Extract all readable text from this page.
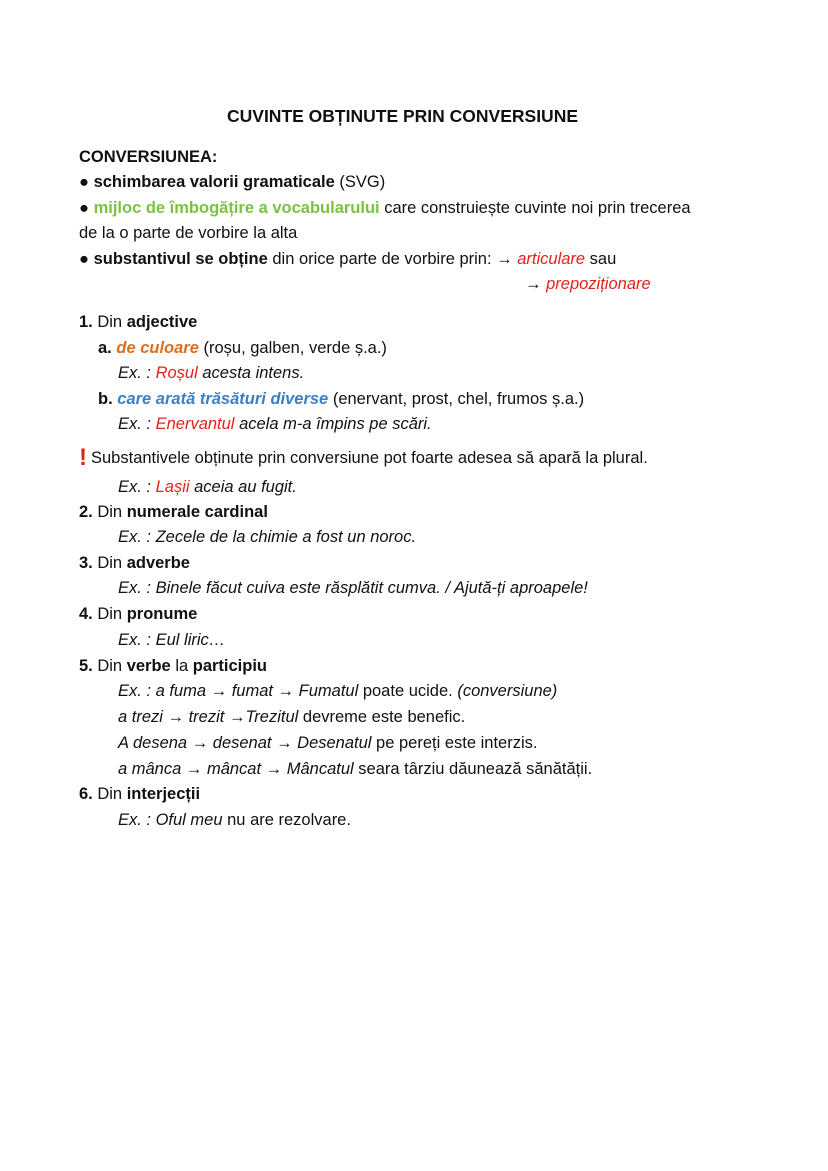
CUVINTE OBȚINUTE PRIN CONVERSIUNE
CONVERSIUNEA:
● schimbarea valorii gramaticale (SVG)
● mijloc de îmbogățire a vocabularului care construiește cuvinte noi prin trecerea
de la o parte de vorbire la alta
● substantivul se obține din orice parte de vorbire prin: → articulare sau
→ prepoziționare
1. Din adjective
a. de culoare (roșu, galben, verde ș.a.)
Ex. : Roșul acesta intens.
b. care arată trăsături diverse (enervant, prost, chel, frumos ș.a.)
Ex. : Enervantul acela m-a împins pe scări.
! Substantivele obținute prin conversiune pot foarte adesea să apară la plural.
Ex. : Lașii aceia au fugit.
2. Din numerale cardinal
Ex. : Zecele de la chimie a fost un noroc.
3. Din adverbe
Ex. : Binele făcut cuiva este răsplătit cumva. / Ajută-ți aproapele!
4. Din pronume
Ex. : Eul liric…
5. Din verbe la participiu
Ex. : a fuma → fumat → Fumatul poate ucide. (conversiune)
a trezi → trezit →Trezitul devreme este benefic.
A desena → desenat → Desenatul pe pereți este interzis.
a mânca → mâncat → Mâncatul seara târziu dăunează sănătății.
6. Din interjecții
Ex. : Oful meu nu are rezolvare.
